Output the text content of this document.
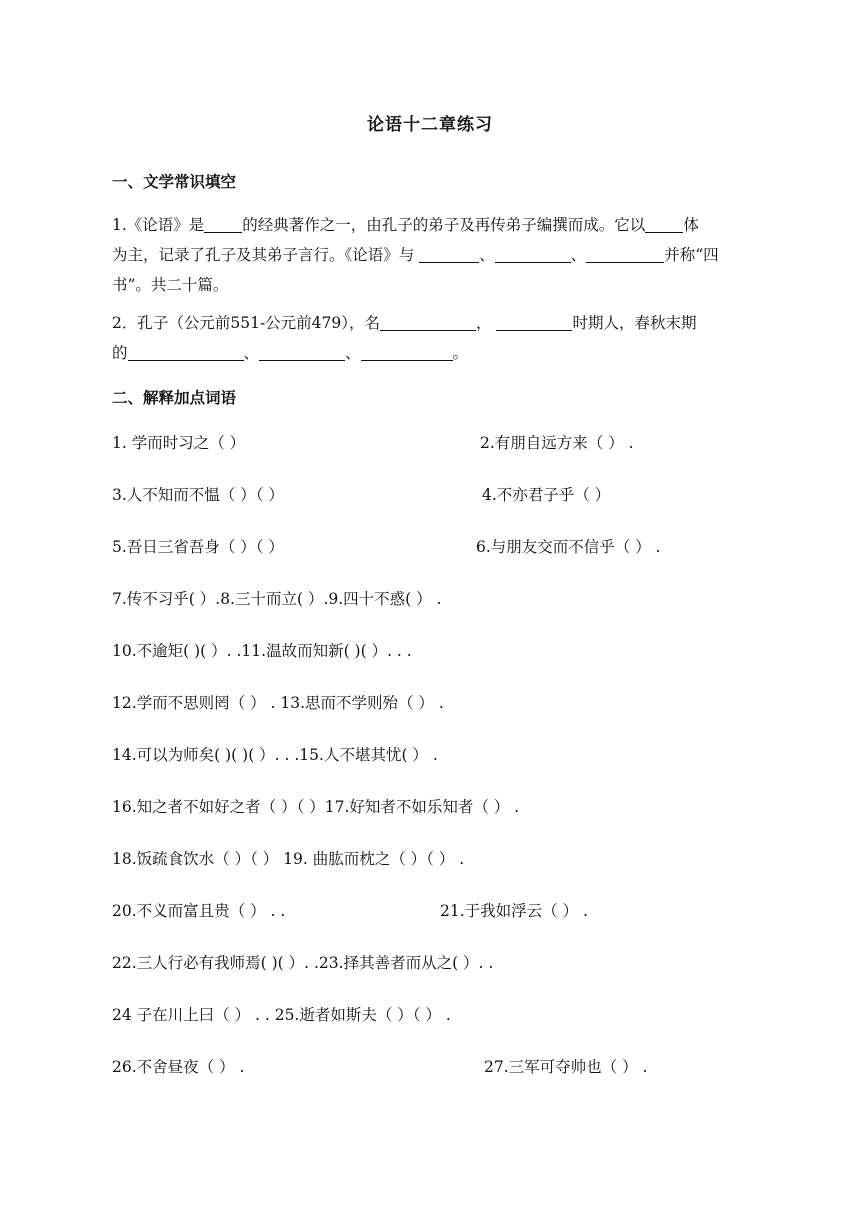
论语十二章练习
一、文学常识填空
1.《论语》是 的经典著作之一，由孔子的弟子及再传弟子编撰而成。它以 体
为主，记录了孔子及其弟子言行。《论语》与	、	、	并称“四
书”。共二十篇。
2．孔子（公元前551-公元前479），名	，	时期人，春秋末期
的	、	、	。
二、解释加点词语
1. 学而时习之（ ）	2.有朋自远方来（ ） .
3.人不知而不愠（ ）（ ）	4.不亦君子乎（ ）
5.吾日三省吾身（ ）（ ）	6.与朋友交而不信乎（ ） .
7.传不习乎( ）.8.三十而立( ）.9.四十不惑( ） .
10.不逾矩( )( ）. .11.温故而知新( )( ）. . .
12.学而不思则罔（ ） . 13.思而不学则殆（ ） .
14.可以为师矣( )( )( ）. . .15.人不堪其忧( ） .
16.知之者不如好之者（ ）（ ）17.好知者不如乐知者（ ） .
18.饭疏食饮水（ ）（ ） 19. 曲肱而枕之（ ）（ ） .
20.不义而富且贵（ ） . .	21.于我如浮云（ ） .
22.三人行必有我师焉( )( ）. .23.择其善者而从之( ）. .
24 子在川上曰（ ） . . 25.逝者如斯夫（ ）（ ） .
26.不舍昼夜（ ） .	27.三军可夺帅也（ ） .
